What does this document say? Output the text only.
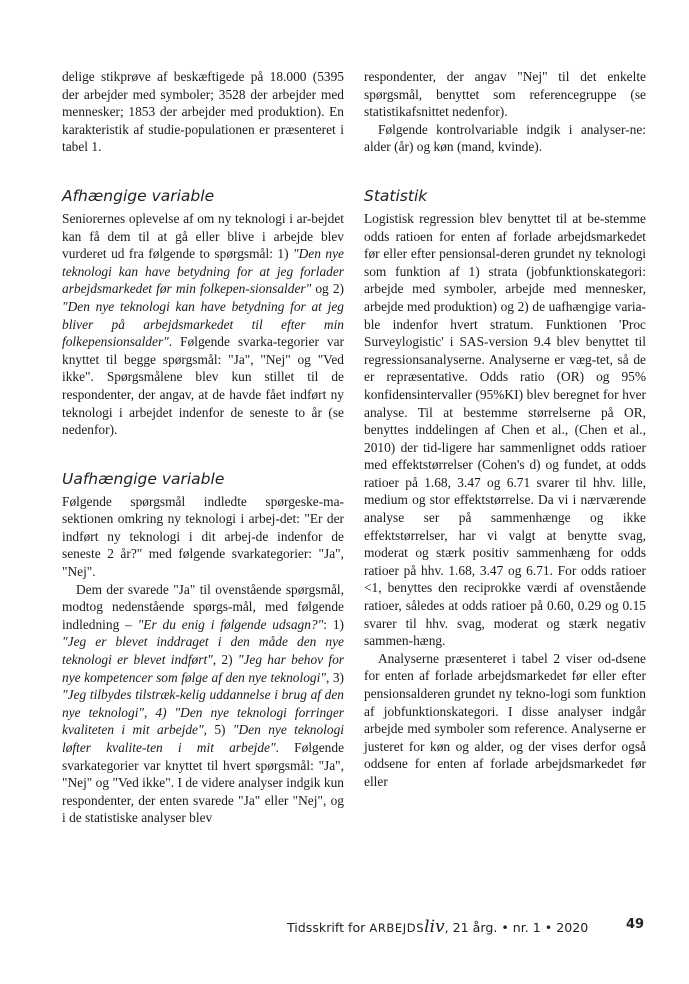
delige stikprøve af beskæftigede på 18.000 (5395 der arbejder med symboler; 3528 der arbejder med mennesker; 1853 der arbejder med produktion). En karakteristik af studie-populationen er præsenteret i tabel 1.

Afhængige variable

Seniorernes oplevelse af om ny teknologi i ar-bejdet kan få dem til at gå eller blive i arbejde blev vurderet ud fra følgende to spørgsmål: 1) "Den nye teknologi kan have betydning for at jeg forlader arbejdsmarkedet før min folkepen-sionsalder" og 2) "Den nye teknologi kan have betydning for at jeg bliver på arbejdsmarkedet til efter min folkepensionsalder". Følgende svarka-tegorier var knyttet til begge spørgsmål: "Ja", "Nej" og "Ved ikke". Spørgsmålene blev kun stillet til de respondenter, der angav, at de havde fået indført ny teknologi i arbejdet indenfor de seneste to år (se nedenfor).

Uafhængige variable

Følgende spørgsmål indledte spørgeske-ma-sektionen omkring ny teknologi i arbej-det: "Er der indført ny teknologi i dit arbej-de indenfor de seneste 2 år?" med følgende svarkategorier: "Ja", "Nej".

Dem der svarede "Ja" til ovenstående spørgsmål, modtog nedenstående spørgs-mål, med følgende indledning – "Er du enig i følgende udsagn?": 1) "Jeg er blevet inddraget i den måde den nye teknologi er blevet indført", 2) "Jeg har behov for nye kompetencer som følge af den nye teknologi", 3) "Jeg tilbydes tilstræk-kelig uddannelse i brug af den nye teknologi", 4) "Den nye teknologi forringer kvaliteten i mit arbejde", 5) "Den nye teknologi løfter kvalite-ten i mit arbejde". Følgende svarkategorier var knyttet til hvert spørgsmål: "Ja", "Nej" og "Ved ikke". I de videre analyser indgik kun respondenter, der enten svarede "Ja" eller "Nej", og i de statistiske analyser blev

respondenter, der angav "Nej" til det enkelte spørgsmål, benyttet som referencegruppe (se statistikafsnittet nedenfor).

Følgende kontrolvariable indgik i analyser-ne: alder (år) og køn (mand, kvinde).

Statistik

Logistisk regression blev benyttet til at be-stemme odds ratioen for enten af forlade arbejdsmarkedet før eller efter pensionsal-deren grundet ny teknologi som funktion af 1) strata (jobfunktionskategori: arbejde med symboler, arbejde med mennesker, arbejde med produktion) og 2) de uafhængige varia-ble indenfor hvert stratum. Funktionen 'Proc Surveylogistic' i SAS-version 9.4 blev benyttet til regressionsanalyserne. Analyserne er væg-tet, så de er repræsentative. Odds ratio (OR) og 95% konfidensintervaller (95%KI) blev beregnet for hver analyse. Til at bestemme størrelserne på OR, benyttes inddelingen af Chen et al., (Chen et al., 2010) der tid-ligere har sammenlignet odds ratioer med effektstørrelser (Cohen's d) og fundet, at odds ratioer på 1.68, 3.47 og 6.71 svarer til hhv. lille, medium og stor effektstørrelse. Da vi i nærværende analyse ser på sammenhænge og ikke effektstørrelser, har vi valgt at benytte svag, moderat og stærk positiv sammenhæng for odds ratioer på hhv. 1.68, 3.47 og 6.71. For odds ratioer <1, benyttes den reciprokke værdi af ovenstående ratioer, således at odds ratioer på 0.60, 0.29 og 0.15 svarer til hhv. svag, moderat og stærk negativ sammen-hæng.

Analyserne præsenteret i tabel 2 viser od-dsene for enten af forlade arbejdsmarkedet før eller efter pensionsalderen grundet ny tekno-logi som funktion af jobfunktionskategori. I disse analyser indgår arbejde med symboler som reference. Analyserne er justeret for køn og alder, og der vises derfor også oddsene for enten af forlade arbejdsmarkedet før eller

Tidsskrift for ARBEJDSliv, 21 årg. • nr. 1 • 2020	49
